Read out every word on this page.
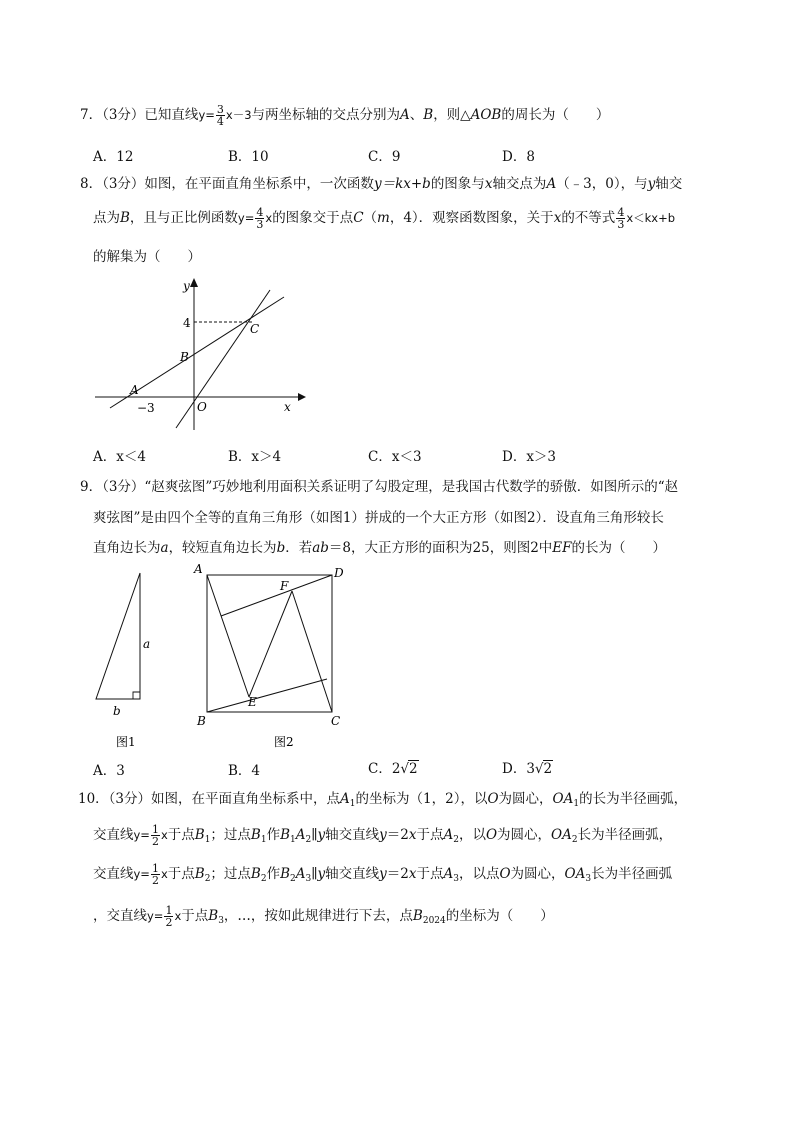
7．（3分）已知直线$y= \frac{3}{4} x-3$与两坐标轴的交点分别为A、B，则△AOB的周长为（　　）
A．12	B．10	C．9	D．8
8．（3分）如图，在平面直角坐标系中，一次函数y＝kx+b的图象与x轴交点为A（﹣3，0），与y轴交
点为B，且与正比例函数$y= \frac{4}{3}$ x的图象交于点C（m，4）．观察函数图象，关于x的不等式 $\frac{4}{3} x<kx+b$
的解集为（　　）
y
x
4	C
B
A
−3	O
A．x＜4	B．x＞4	C．x＜3	D．x＞3
9．（3分）“赵爽弦图”巧妙地利用面积关系证明了勾股定理，是我国古代数学的骄傲．如图所示的“赵
爽弦图”是由四个全等的直角三角形（如图1）拼成的一个大正方形（如图2）．设直角三角形较长
直角边长为a，较短直角边长为b．若ab＝8，大正方形的面积为25，则图2中EF的长为（　　）
a
b
图1
A	D
F
E
B	C
图2
A．3	B．4	C．2√2	D．3√2
10．（3分）如图，在平面直角坐标系中，点$A_1$的坐标为（1，2），以O为圆心，$OA_1$的长为半径画弧，
交直线$y= \frac{1}{2}$ x于点$B_1$；过点$B_1$作$B_1A_2\parallel y$轴交直线y＝2x于点$A_2$，以O为圆心，$OA_2$长为半径画弧，
交直线$y= \frac{1}{2}$ x于点$B_2$；过点$B_2$作$B_2A_3\parallel y$轴交直线y＝2x于点$A_3$，以点O为圆心，$OA_3$长为半径画弧
，交直线$y= \frac{1}{2}$ x于点$B_3$，…，按如此规律进行下去，点$B_{2024}$的坐标为（　　）
